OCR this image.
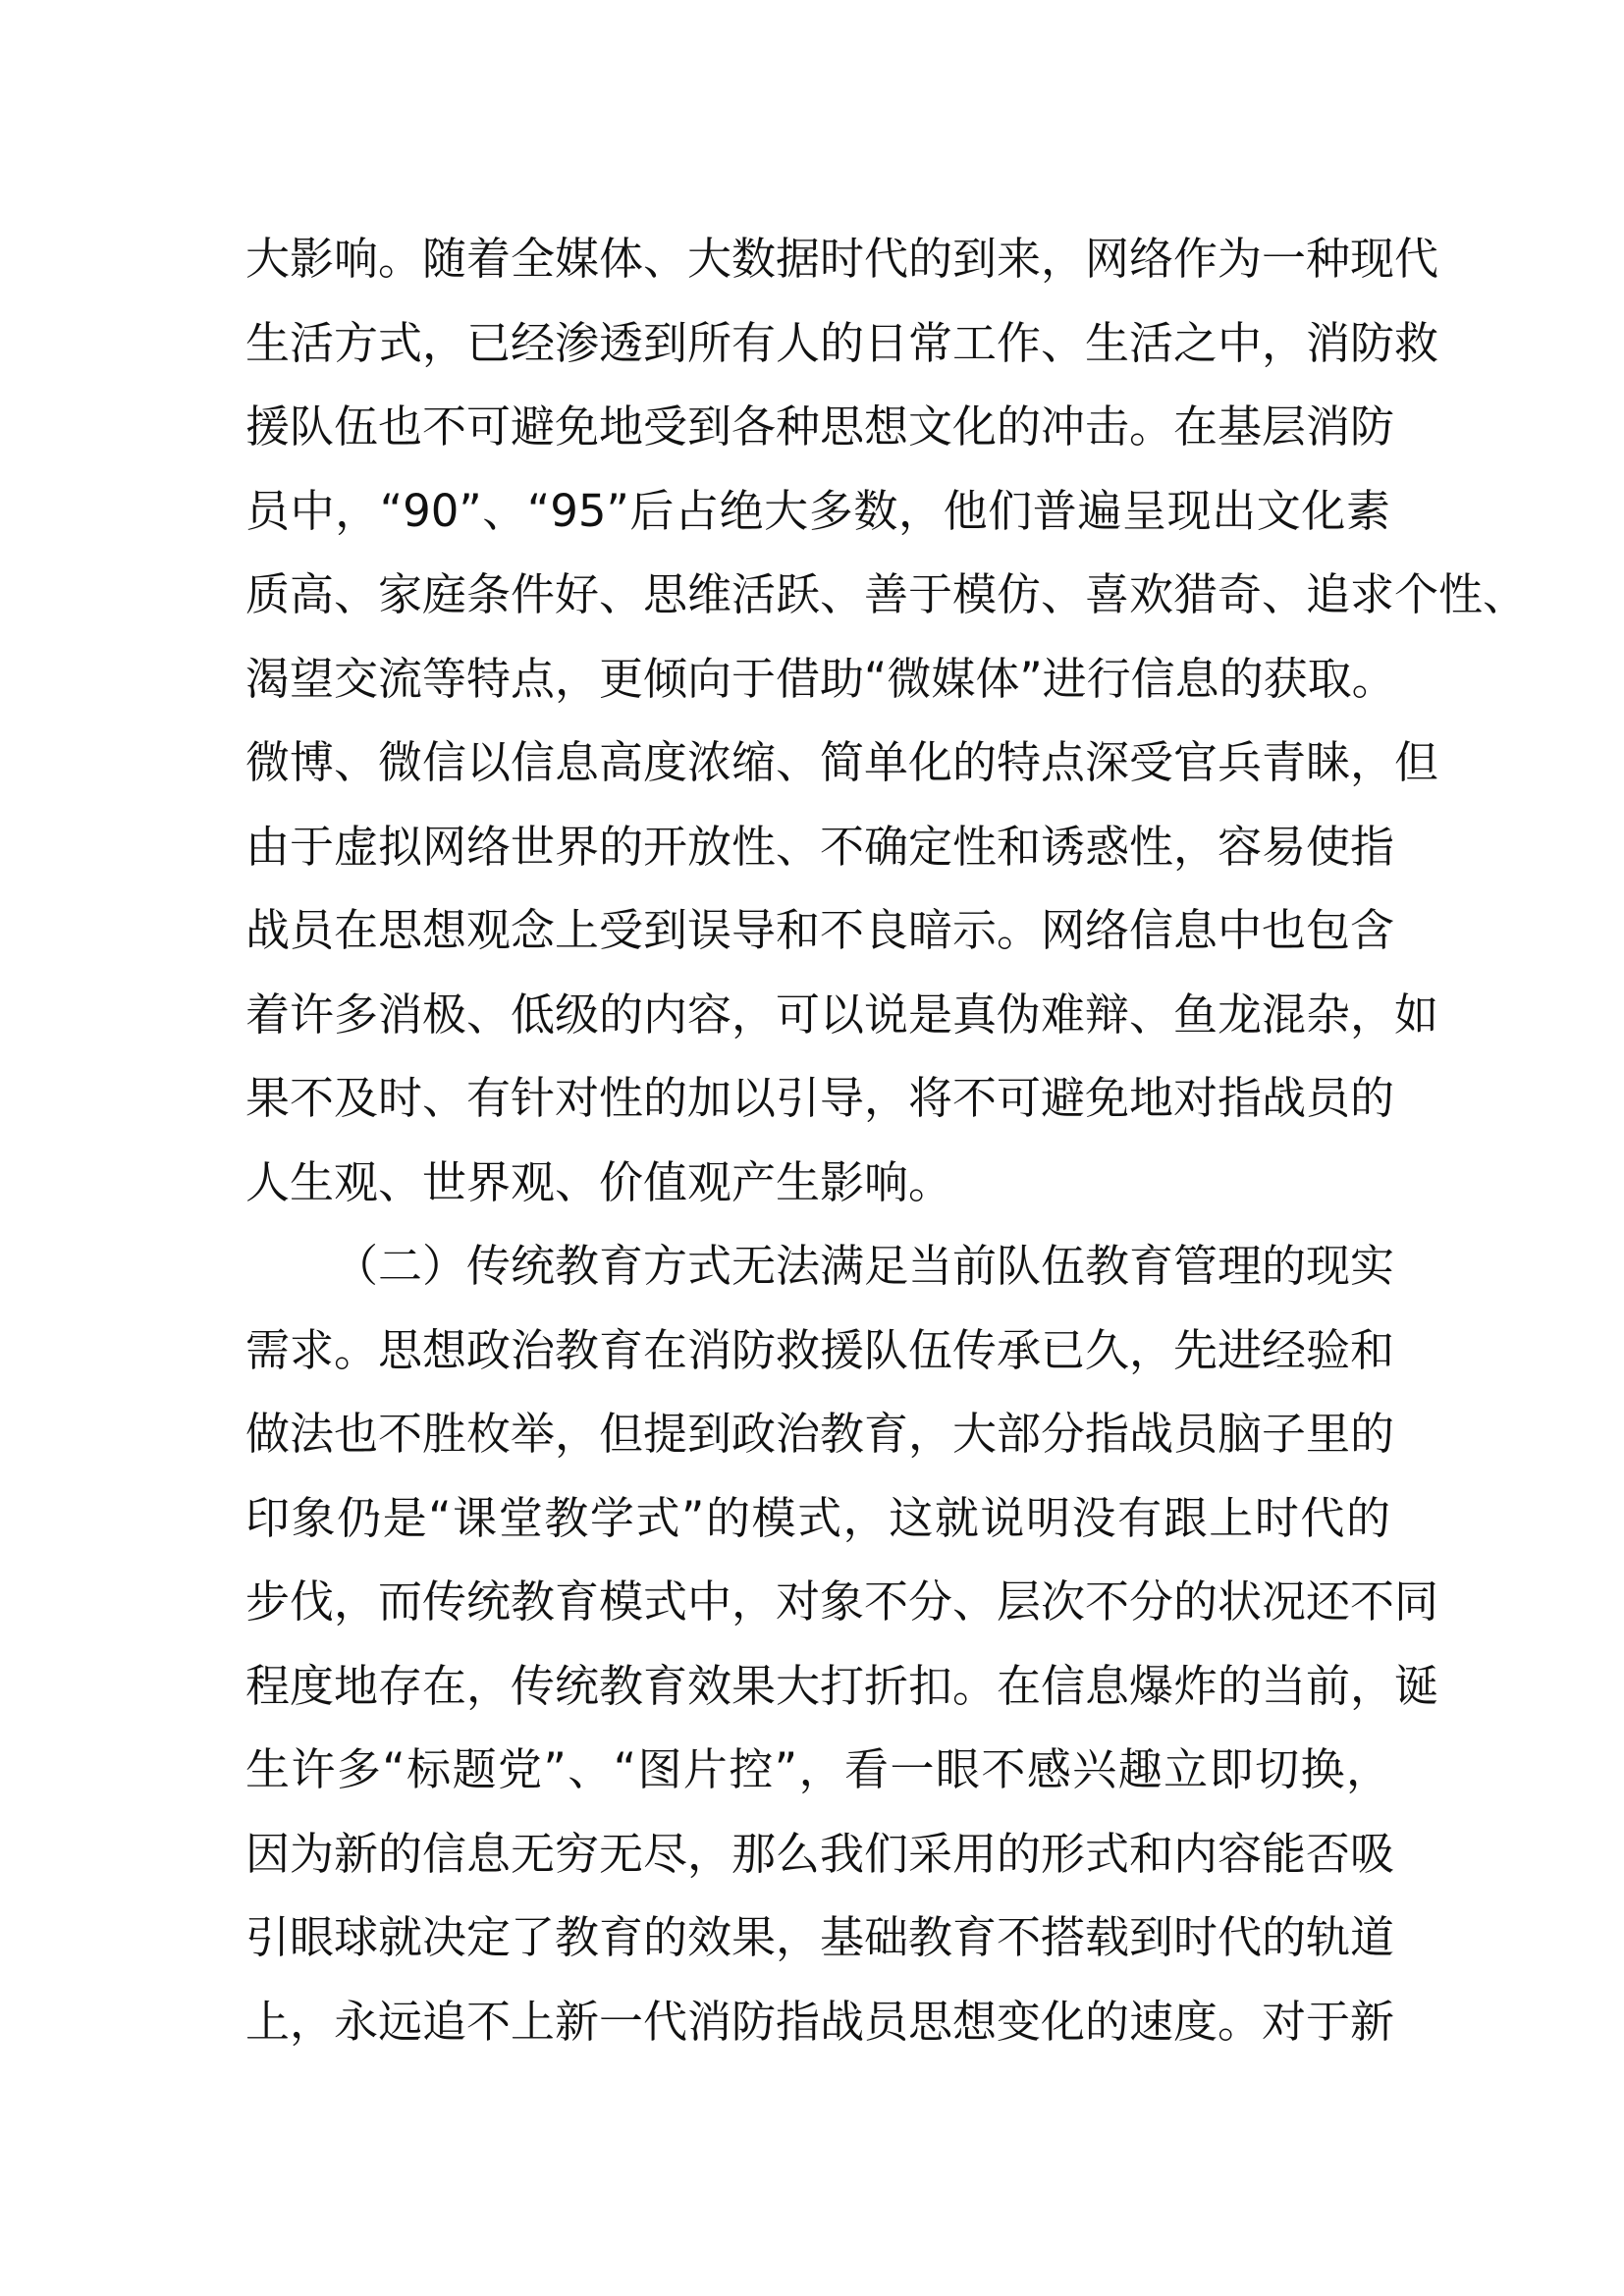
大影响。随着全媒体、大数据时代的到来，网络作为一种现代
生活方式，已经渗透到所有人的日常工作、生活之中，消防救
援队伍也不可避免地受到各种思想文化的冲击。在基层消防
员中，“90”、“95”后占绝大多数，他们普遍呈现出文化素
质高、家庭条件好、思维活跃、善于模仿、喜欢猎奇、追求个性、
渴望交流等特点，更倾向于借助“微媒体”进行信息的获取。
微博、微信以信息高度浓缩、简单化的特点深受官兵青睐，但
由于虚拟网络世界的开放性、不确定性和诱惑性，容易使指
战员在思想观念上受到误导和不良暗示。网络信息中也包含
着许多消极、低级的内容，可以说是真伪难辩、鱼龙混杂，如
果不及时、有针对性的加以引导，将不可避免地对指战员的
人生观、世界观、价值观产生影响。
（二）传统教育方式无法满足当前队伍教育管理的现实
需求。思想政治教育在消防救援队伍传承已久，先进经验和
做法也不胜枚举，但提到政治教育，大部分指战员脑子里的
印象仍是“课堂教学式”的模式，这就说明没有跟上时代的
步伐，而传统教育模式中，对象不分、层次不分的状况还不同
程度地存在，传统教育效果大打折扣。在信息爆炸的当前，诞
生许多“标题党”、“图片控”，看一眼不感兴趣立即切换，
因为新的信息无穷无尽，那么我们采用的形式和内容能否吸
引眼球就决定了教育的效果，基础教育不搭载到时代的轨道
上，永远追不上新一代消防指战员思想变化的速度。对于新
